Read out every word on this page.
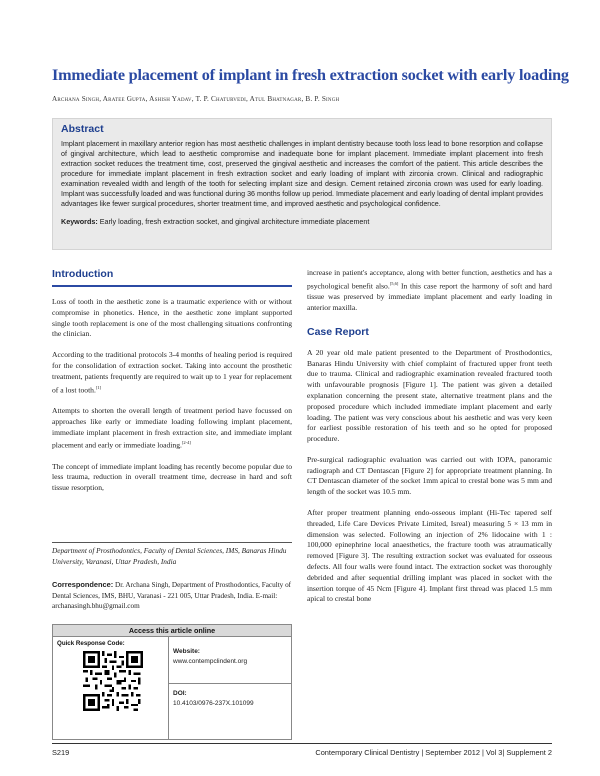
Immediate placement of implant in fresh extraction socket with early loading
Archana Singh, Aratee Gupta, Ashish Yadav, T. P. Chaturvedi, Atul Bhatnagar, B. P. Singh
Abstract

Implant placement in maxillary anterior region has most aesthetic challenges in implant dentistry because tooth loss lead to bone resorption and collapse of gingival architecture, which lead to aesthetic compromise and inadequate bone for implant placement. Immediate implant placement into fresh extraction socket reduces the treatment time, cost, preserved the gingival aesthetic and increases the comfort of the patient. This article describes the procedure for immediate implant placement in fresh extraction socket and early loading of implant with zirconia crown. Clinical and radiographic examination revealed width and length of the tooth for selecting implant size and design. Cement retained zirconia crown was used for early loading. Implant was successfully loaded and was functional during 36 months follow up period. Immediate placement and early loading of dental implant provides advantages like fewer surgical procedures, shorter treatment time, and improved aesthetic and psychological confidence.

Keywords: Early loading, fresh extraction socket, and gingival architecture immediate placement
Introduction

Loss of tooth in the aesthetic zone is a traumatic experience with or without compromise in phonetics. Hence, in the aesthetic zone implant supported single tooth replacement is one of the most challenging situations confronting the clinician.

According to the traditional protocols 3-4 months of healing period is required for the consolidation of extraction socket. Taking into account the prosthetic treatment, patients frequently are required to wait up to 1 year for replacement of a lost tooth.[1]

Attempts to shorten the overall length of treatment period have focussed on approaches like early or immediate loading following implant placement, immediate implant placement in fresh extraction site, and immediate implant placement and early or immediate loading.[2-4]

The concept of immediate implant loading has recently become popular due to less trauma, reduction in overall treatment time, decrease in hard and soft tissue resorption,

increase in patient's acceptance, along with better function, aesthetics and has a psychological benefit also.[5,6] In this case report the harmony of soft and hard tissue was preserved by immediate implant placement and early loading in anterior maxilla.

Case Report

A 20 year old male patient presented to the Department of Prosthodontics, Banaras Hindu University with chief complaint of fractured upper front teeth due to trauma. Clinical and radiographic examination revealed fractured tooth with unfavourable prognosis [Figure 1]. The patient was given a detailed explanation concerning the present state, alternative treatment plans and the proposed procedure which included immediate implant placement and early loading. The patient was very conscious about his aesthetic and was very keen for earliest possible restoration of his teeth and so he opted for proposed procedure.

Pre-surgical radiographic evaluation was carried out with IOPA, panoramic radiograph and CT Dentascan [Figure 2] for appropriate treatment planning. In CT Dentascan diameter of the socket 1mm apical to crestal bone was 5 mm and length of the socket was 10.5 mm.

After proper treatment planning endo-osseous implant (Hi-Tec tapered self threaded, Life Care Devices Private Limited, Isreal) measuring 5 × 13 mm in dimension was selected. Following an injection of 2% lidocaine with 1 : 100,000 epinephrine local anaesthetics, the fracture tooth was atraumatically removed [Figure 3]. The resulting extraction socket was evaluated for osseous defects. All four walls were found intact. The extraction socket was thoroughly debrided and after sequential drilling implant was placed in socket with the insertion torque of 45 Ncm [Figure 4]. Implant first thread was placed 1.5 mm apical to crestal bone

Department of Prosthodontics, Faculty of Dental Sciences, IMS, Banaras Hindu University, Varanasi, Uttar Pradesh, India
Correspondence: Dr. Archana Singh, Department of Prosthodontics, Faculty of Dental Sciences, IMS, BHU, Varanasi - 221 005, Uttar Pradesh, India. E-mail: archanasingh.bhu@gmail.com
Access this article online
Quick Response Code:
Website:
www.contempclindent.org
DOI:
10.4103/0976-237X.101099
S219	Contemporary Clinical Dentistry | September 2012 | Vol 3| Supplement 2
